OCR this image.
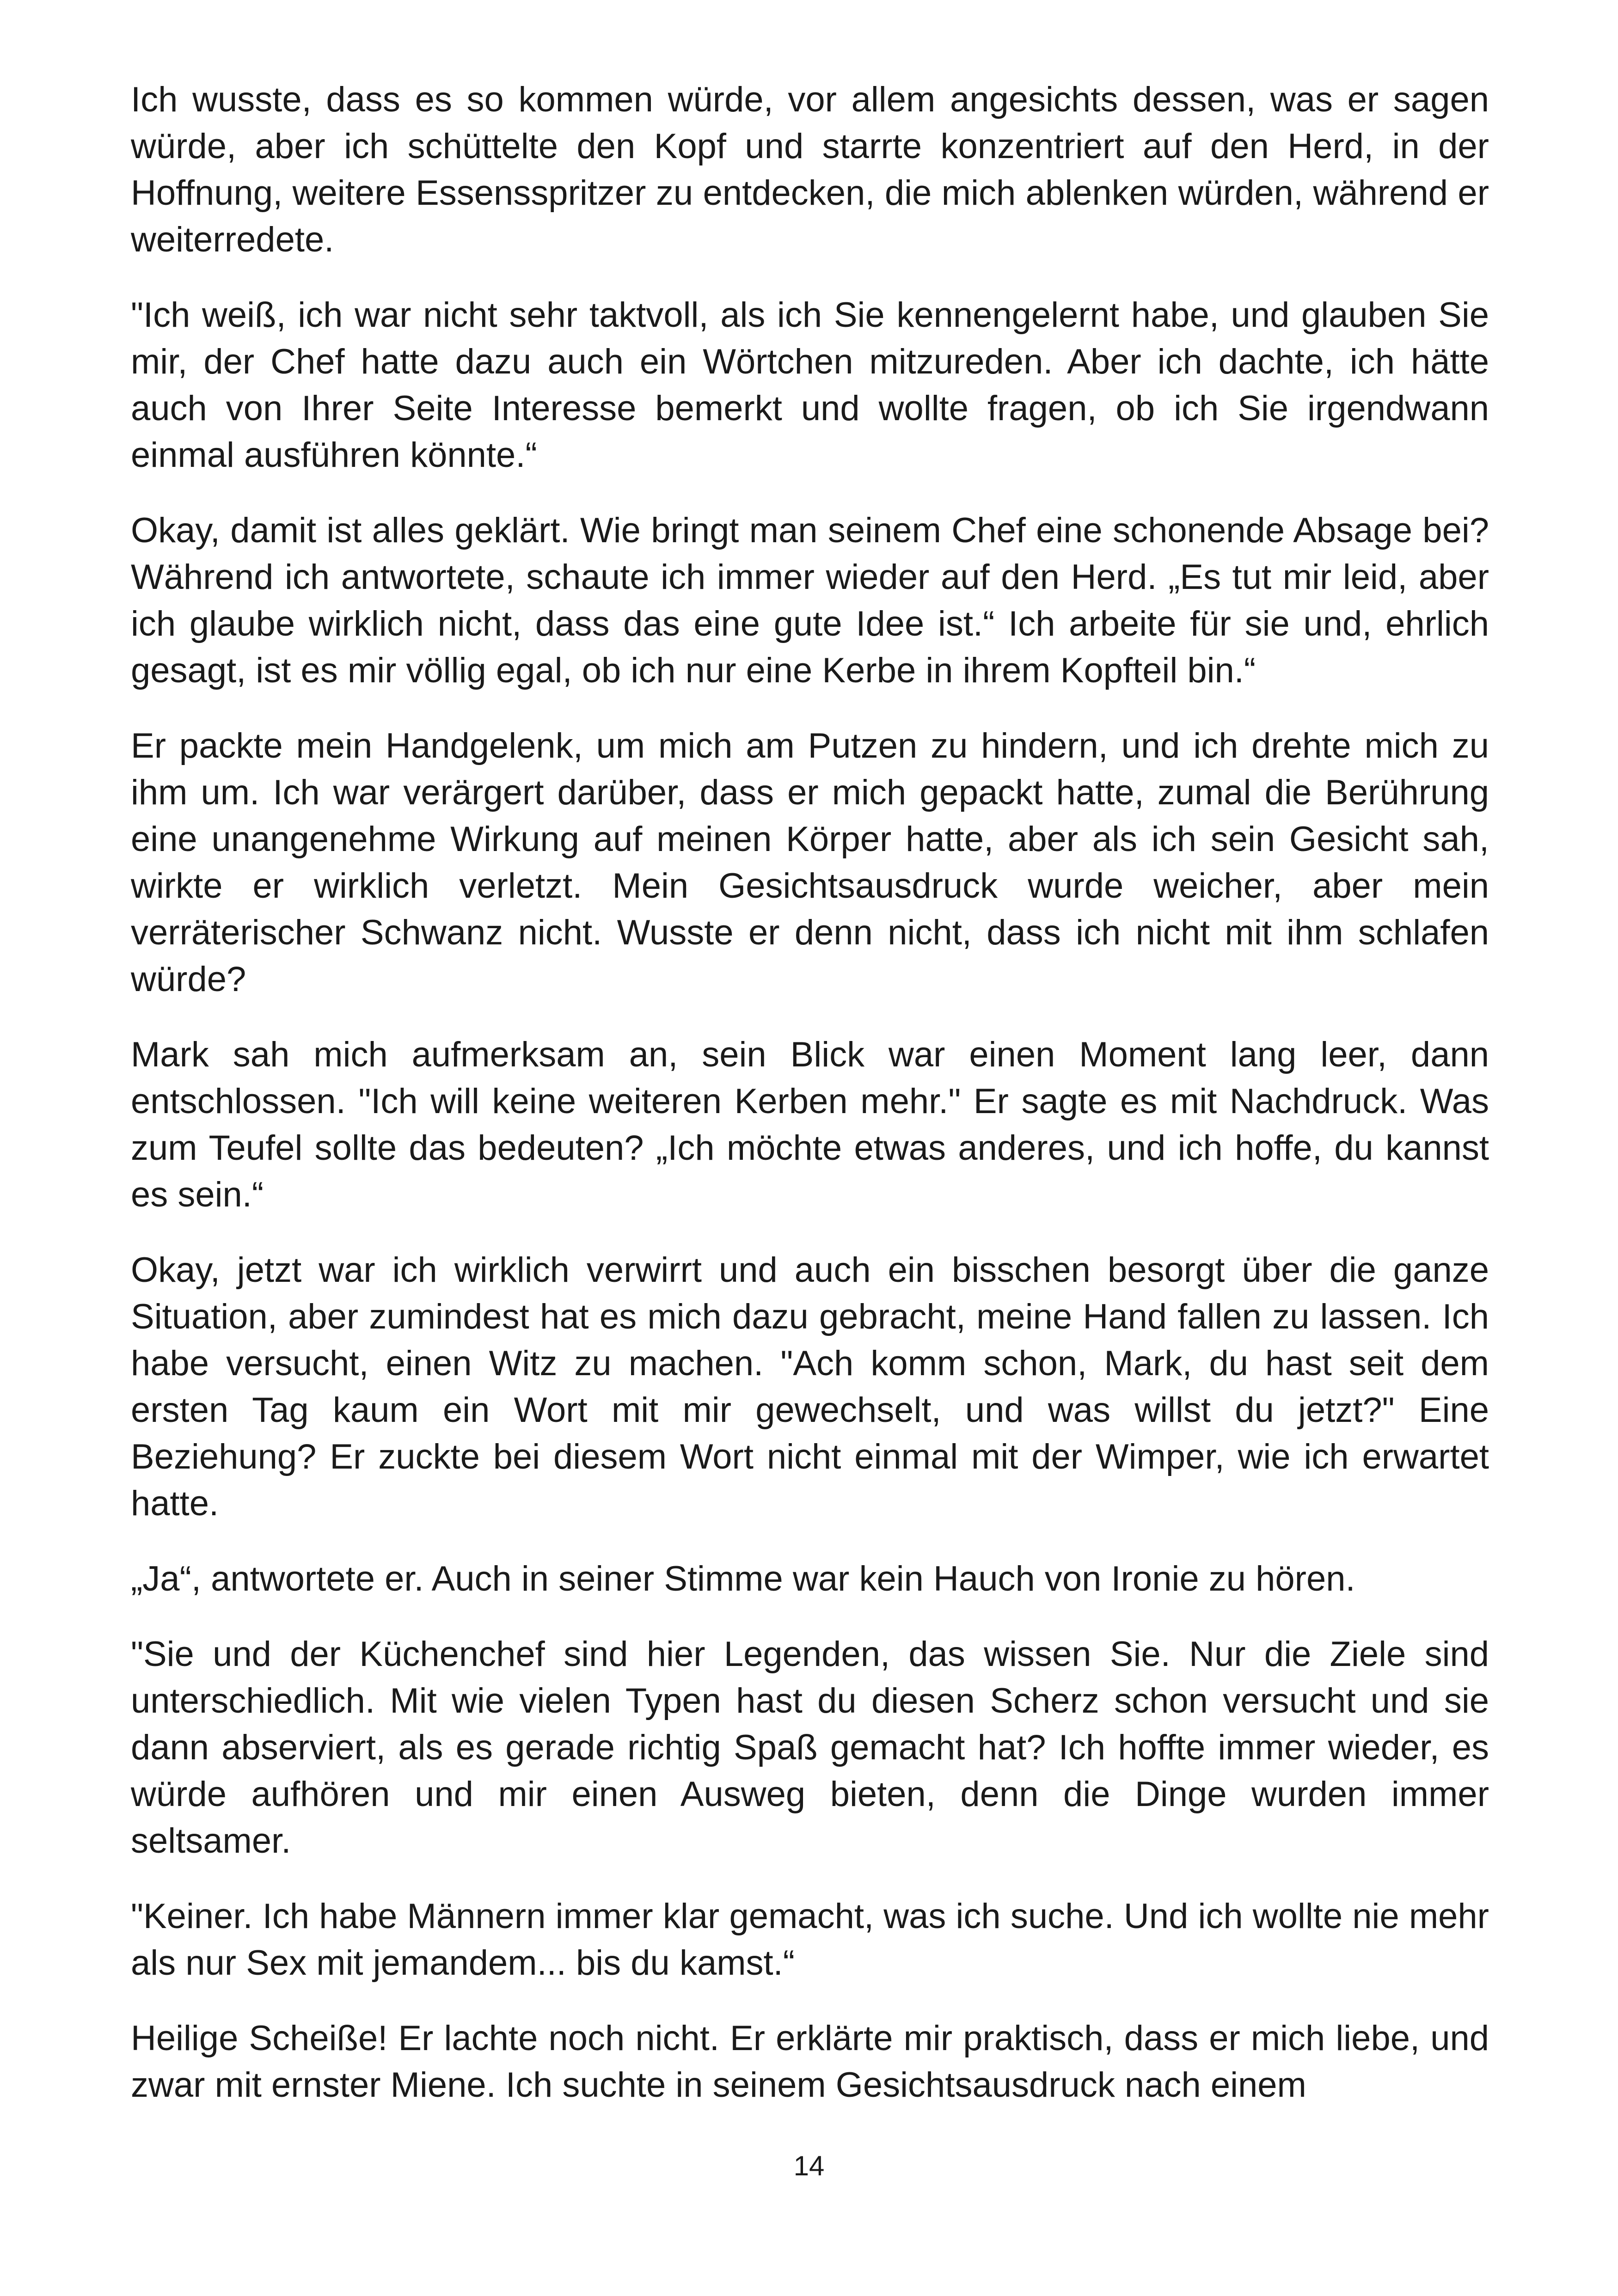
Ich wusste, dass es so kommen würde, vor allem angesichts dessen, was er sagen würde, aber ich schüttelte den Kopf und starrte konzentriert auf den Herd, in der Hoffnung, weitere Essensspritzer zu entdecken, die mich ablenken würden, während er weiterredete.

"Ich weiß, ich war nicht sehr taktvoll, als ich Sie kennengelernt habe, und glauben Sie mir, der Chef hatte dazu auch ein Wörtchen mitzureden. Aber ich dachte, ich hätte auch von Ihrer Seite Interesse bemerkt und wollte fragen, ob ich Sie irgendwann einmal ausführen könnte.“

Okay, damit ist alles geklärt. Wie bringt man seinem Chef eine schonende Absage bei? Während ich antwortete, schaute ich immer wieder auf den Herd. „Es tut mir leid, aber ich glaube wirklich nicht, dass das eine gute Idee ist.“ Ich arbeite für sie und, ehrlich gesagt, ist es mir völlig egal, ob ich nur eine Kerbe in ihrem Kopfteil bin.“

Er packte mein Handgelenk, um mich am Putzen zu hindern, und ich drehte mich zu ihm um. Ich war verärgert darüber, dass er mich gepackt hatte, zumal die Berührung eine unangenehme Wirkung auf meinen Körper hatte, aber als ich sein Gesicht sah, wirkte er wirklich verletzt. Mein Gesichtsausdruck wurde weicher, aber mein verräterischer Schwanz nicht. Wusste er denn nicht, dass ich nicht mit ihm schlafen würde?

Mark sah mich aufmerksam an, sein Blick war einen Moment lang leer, dann entschlossen. "Ich will keine weiteren Kerben mehr." Er sagte es mit Nachdruck. Was zum Teufel sollte das bedeuten? „Ich möchte etwas anderes, und ich hoffe, du kannst es sein.“

Okay, jetzt war ich wirklich verwirrt und auch ein bisschen besorgt über die ganze Situation, aber zumindest hat es mich dazu gebracht, meine Hand fallen zu lassen. Ich habe versucht, einen Witz zu machen. "Ach komm schon, Mark, du hast seit dem ersten Tag kaum ein Wort mit mir gewechselt, und was willst du jetzt?" Eine Beziehung? Er zuckte bei diesem Wort nicht einmal mit der Wimper, wie ich erwartet hatte.

„Ja“, antwortete er. Auch in seiner Stimme war kein Hauch von Ironie zu hören.

"Sie und der Küchenchef sind hier Legenden, das wissen Sie. Nur die Ziele sind unterschiedlich. Mit wie vielen Typen hast du diesen Scherz schon versucht und sie dann abserviert, als es gerade richtig Spaß gemacht hat? Ich hoffte immer wieder, es würde aufhören und mir einen Ausweg bieten, denn die Dinge wurden immer seltsamer.

"Keiner. Ich habe Männern immer klar gemacht, was ich suche. Und ich wollte nie mehr als nur Sex mit jemandem... bis du kamst.“

Heilige Scheiße! Er lachte noch nicht. Er erklärte mir praktisch, dass er mich liebe, und zwar mit ernster Miene. Ich suchte in seinem Gesichtsausdruck nach einem

14
